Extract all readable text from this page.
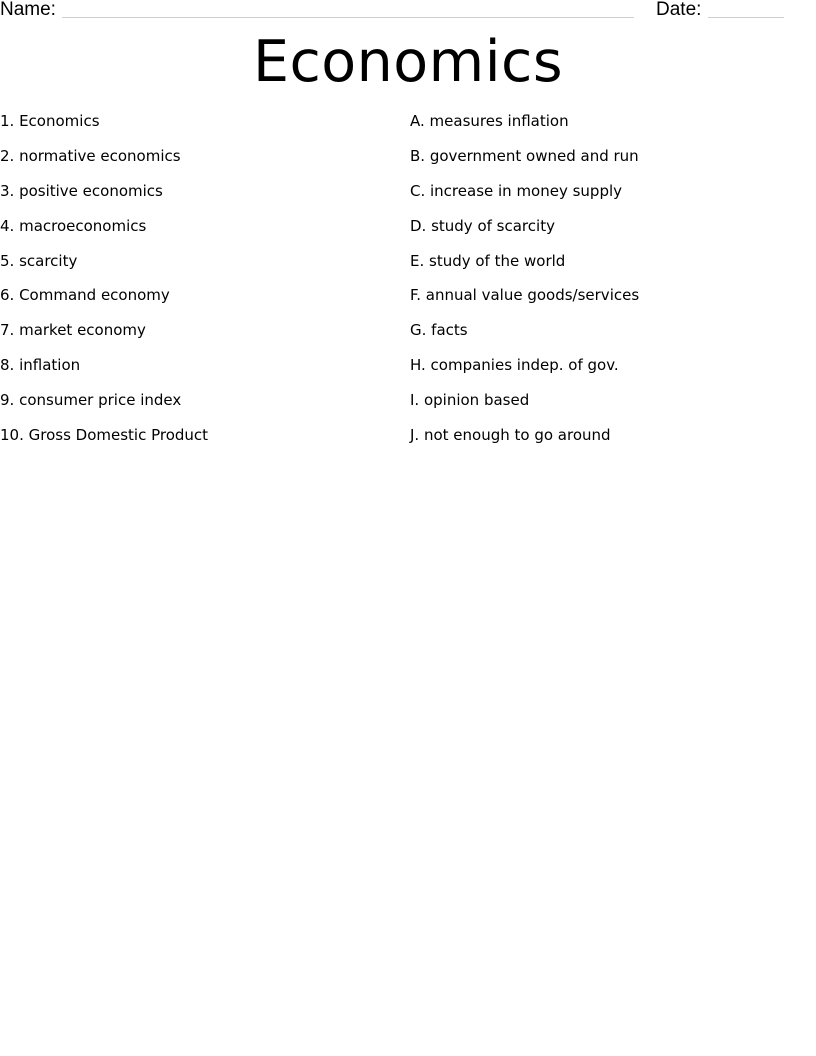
Name:	Date:
Economics
1. Economics
2. normative economics
3. positive economics
4. macroeconomics
5. scarcity
6. Command economy
7. market economy
8. inflation
9. consumer price index
10. Gross Domestic Product
A. measures inflation
B. government owned and run
C. increase in money supply
D. study of scarcity
E. study of the world
F. annual value goods/services
G. facts
H. companies indep. of gov.
I. opinion based
J. not enough to go around
